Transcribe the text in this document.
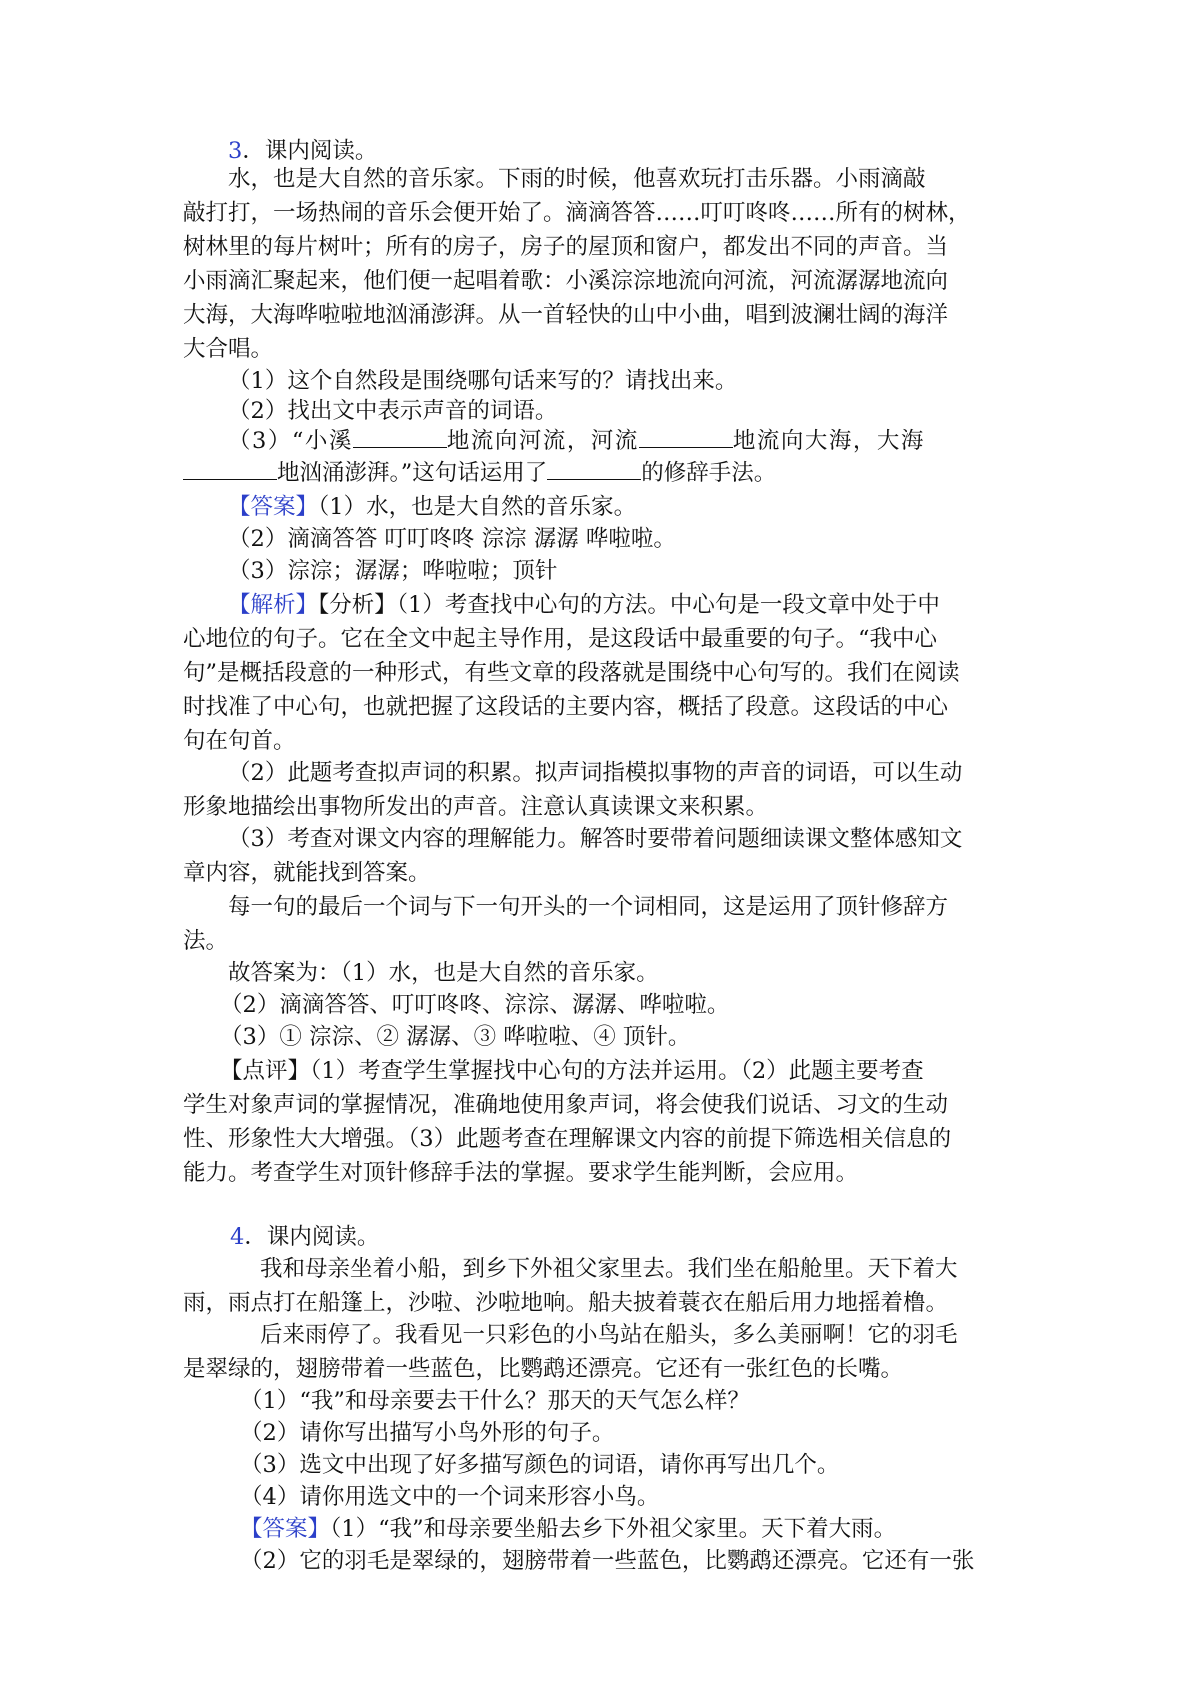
3．课内阅读。
水，也是大自然的音乐家。下雨的时候，他喜欢玩打击乐器。小雨滴敲
敲打打，一场热闹的音乐会便开始了。滴滴答答……叮叮咚咚……所有的树林，
树林里的每片树叶；所有的房子，房子的屋顶和窗户，都发出不同的声音。当
小雨滴汇聚起来，他们便一起唱着歌：小溪淙淙地流向河流，河流潺潺地流向
大海，大海哗啦啦地汹涌澎湃。从一首轻快的山中小曲，唱到波澜壮阔的海洋
大合唱。
（1）这个自然段是围绕哪句话来写的？请找出来。
（2）找出文中表示声音的词语。
（3）“小溪	地流向河流，河流	地流向大海，大海
地汹涌澎湃。”这句话运用了	的修辞手法。
【答案】（1）水，也是大自然的音乐家。
（2）滴滴答答 叮叮咚咚 淙淙 潺潺 哗啦啦。
（3）淙淙；潺潺；哗啦啦；顶针
【解析】【分析】（1）考查找中心句的方法。中心句是一段文章中处于中
心地位的句子。它在全文中起主导作用，是这段话中最重要的句子。“我中心
句”是概括段意的一种形式，有些文章的段落就是围绕中心句写的。我们在阅读
时找准了中心句，也就把握了这段话的主要内容，概括了段意。这段话的中心
句在句首。
（2）此题考查拟声词的积累。拟声词指模拟事物的声音的词语，可以生动
形象地描绘出事物所发出的声音。注意认真读课文来积累。
（3）考查对课文内容的理解能力。解答时要带着问题细读课文整体感知文
章内容，就能找到答案。
每一句的最后一个词与下一句开头的一个词相同，这是运用了顶针修辞方
法。
故答案为：（1）水，也是大自然的音乐家。
（2）滴滴答答、叮叮咚咚、淙淙、潺潺、哗啦啦。
（3）① 淙淙、② 潺潺、③ 哗啦啦、④ 顶针。
【点评】（1）考查学生掌握找中心句的方法并运用。（2）此题主要考查
学生对象声词的掌握情况，准确地使用象声词，将会使我们说话、习文的生动
性、形象性大大增强。（3）此题考查在理解课文内容的前提下筛选相关信息的
能力。考查学生对顶针修辞手法的掌握。要求学生能判断，会应用。
4．课内阅读。
我和母亲坐着小船，到乡下外祖父家里去。我们坐在船舱里。天下着大
雨，雨点打在船篷上，沙啦、沙啦地响。船夫披着蓑衣在船后用力地摇着橹。
后来雨停了。我看见一只彩色的小鸟站在船头，多么美丽啊！它的羽毛
是翠绿的，翅膀带着一些蓝色，比鹦鹉还漂亮。它还有一张红色的长嘴。
（1）“我”和母亲要去干什么？那天的天气怎么样？
（2）请你写出描写小鸟外形的句子。
（3）选文中出现了好多描写颜色的词语，请你再写出几个。
（4）请你用选文中的一个词来形容小鸟。
【答案】（1）“我”和母亲要坐船去乡下外祖父家里。天下着大雨。
（2）它的羽毛是翠绿的，翅膀带着一些蓝色，比鹦鹉还漂亮。它还有一张
